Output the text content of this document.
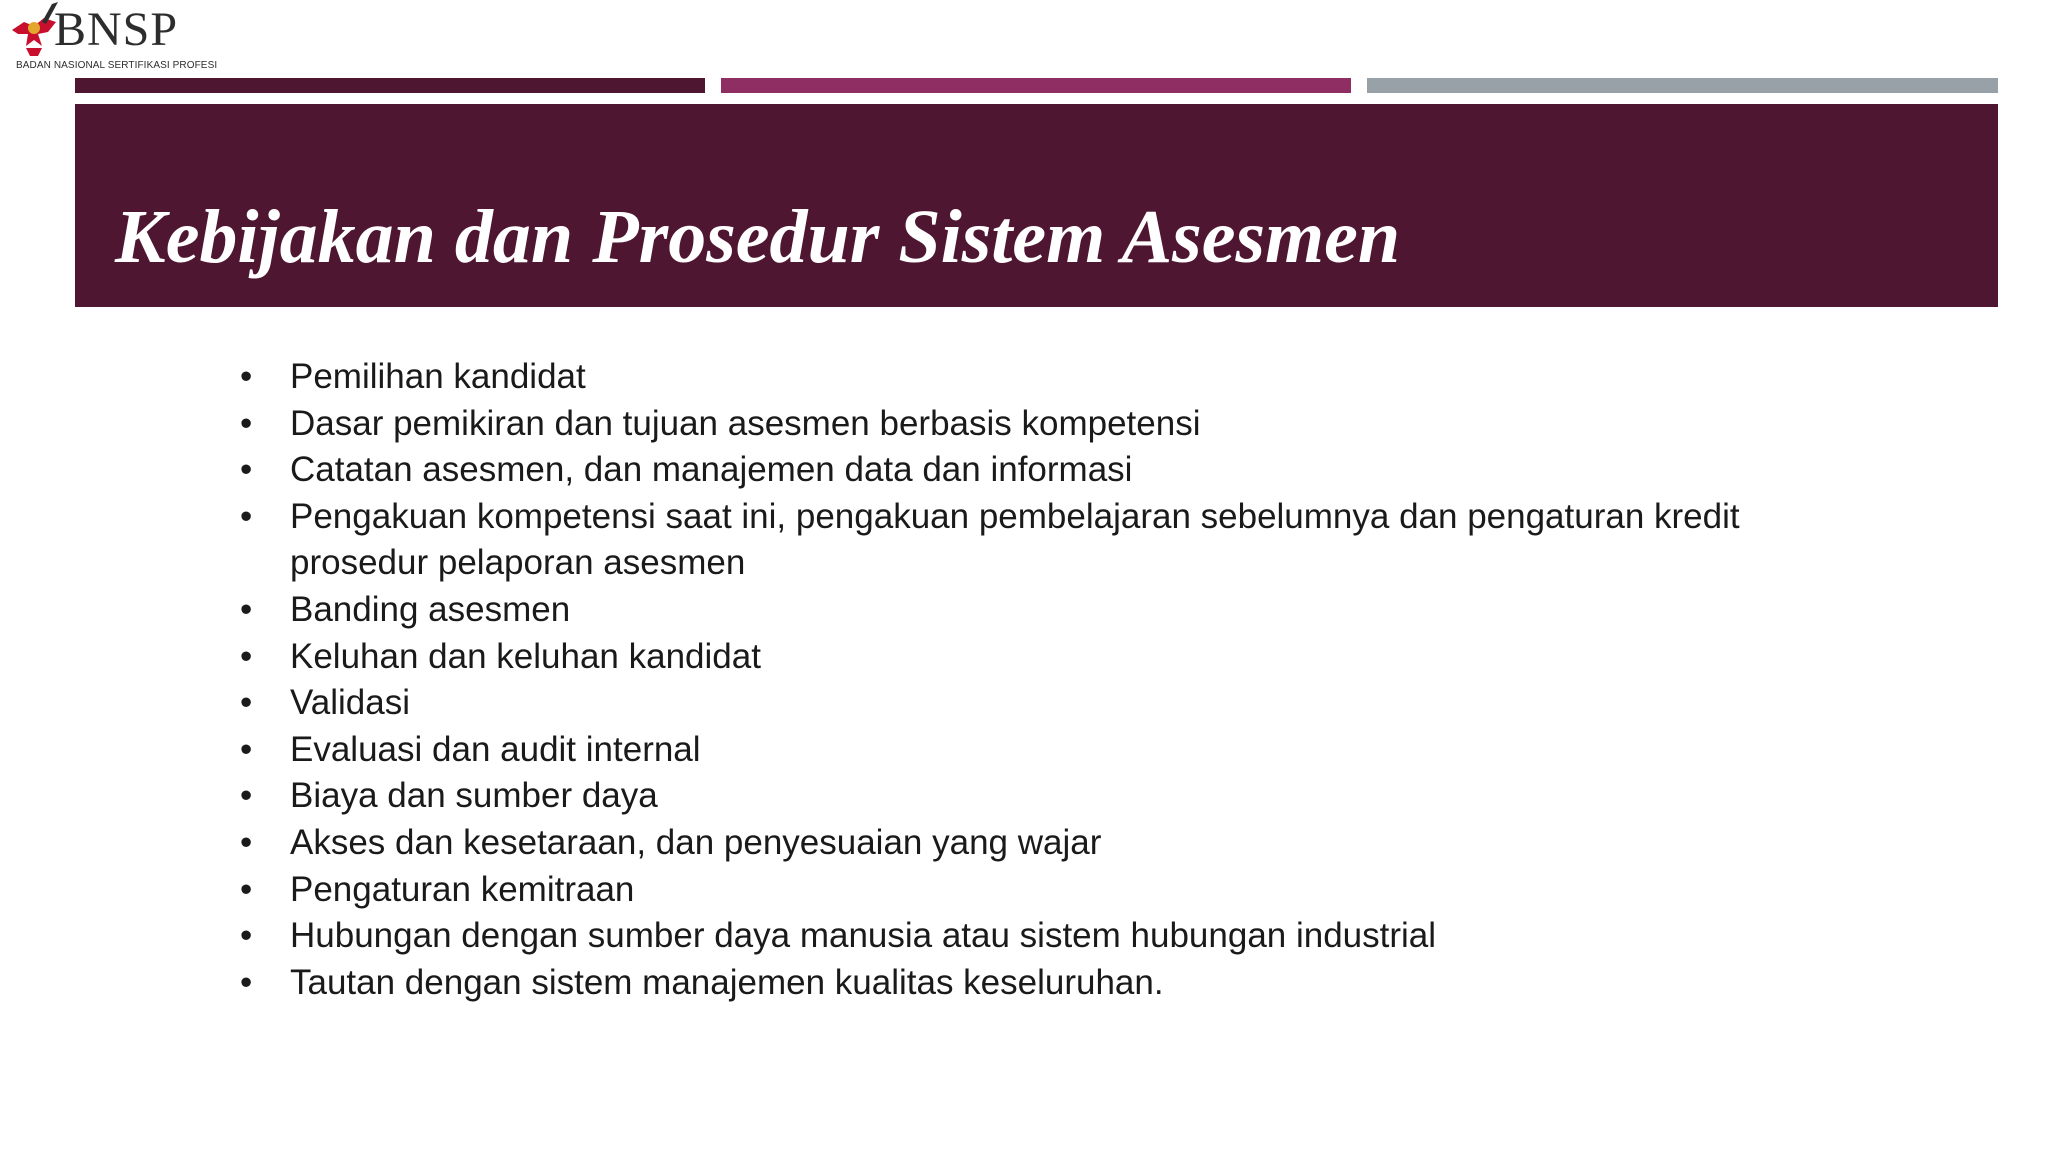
BNSP
BADAN NASIONAL SERTIFIKASI PROFESI
Kebijakan dan Prosedur Sistem Asesmen
• Pemilihan kandidat
• Dasar pemikiran dan tujuan asesmen berbasis kompetensi
• Catatan asesmen, dan manajemen data dan informasi
• Pengakuan kompetensi saat ini, pengakuan pembelajaran sebelumnya dan pengaturan kredit prosedur pelaporan asesmen
• Banding asesmen
• Keluhan dan keluhan kandidat
• Validasi
• Evaluasi dan audit internal
• Biaya dan sumber daya
• Akses dan kesetaraan, dan penyesuaian yang wajar
• Pengaturan kemitraan
• Hubungan dengan sumber daya manusia atau sistem hubungan industrial
• Tautan dengan sistem manajemen kualitas keseluruhan.
